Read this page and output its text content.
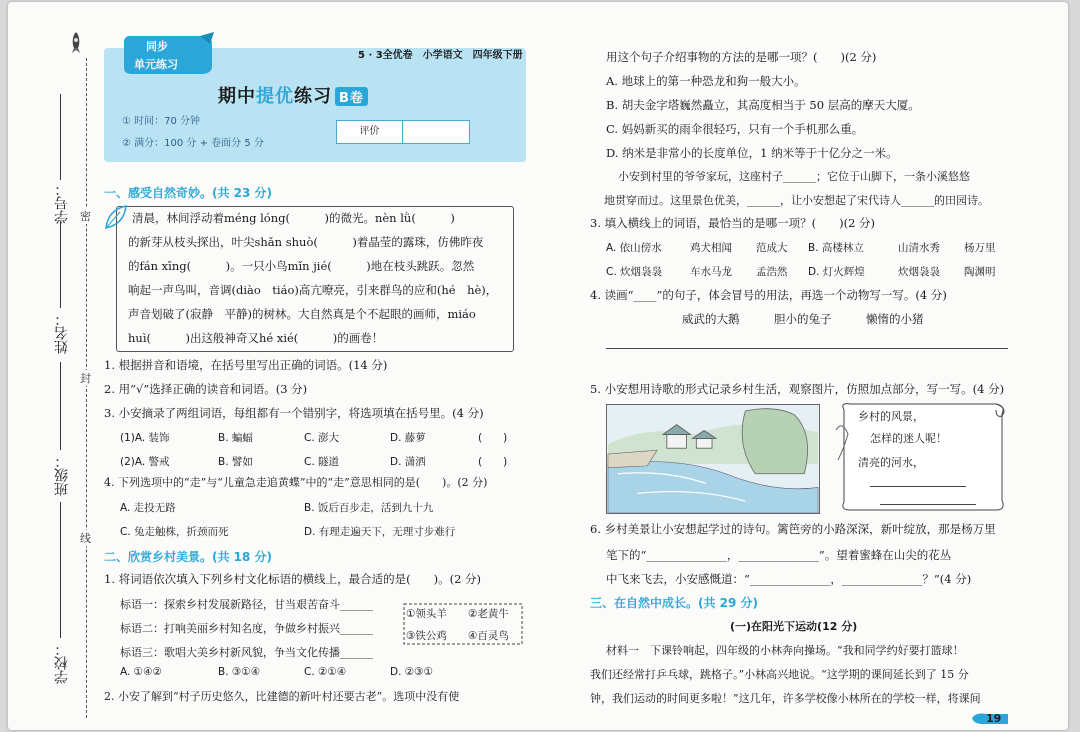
学号：
姓名：
班级：
学校：
密
封
线
同步
单元练习
5 · 3全优卷　小学语文　四年级下册
期中提优练习 B卷
① 时间：70 分钟
② 满分：100 分 + 卷面分 5 分
评价
一、感受自然奇妙。(共 23 分)
清晨，林间浮动着méng lóng(　　　)的微光。nèn lǜ(　　　)
的新芽从枝头探出，叶尖shǎn shuò(　　　)着晶莹的露珠，仿佛昨夜
的fán xīng(　　　)。一只小鸟mǐn jié(　　　)地在枝头跳跃。忽然
响起一声鸟叫，音调(diào　tiáo)高亢嘹亮，引来群鸟的应和(hé　hè)，
声音划破了(寂静　平静)的树林。大自然真是个不起眼的画师，miáo
huì(　　　)出这般神奇又hé xié(　　　)的画卷！
1. 根据拼音和语境，在括号里写出正确的词语。(14 分)
2. 用“√”选择正确的读音和词语。(3 分)
3. 小安摘录了两组词语，每组都有一个错别字，将选项填在括号里。(4 分)
(1)A. 装饰	B. 蝙蝠	C. 澎大	D. 藤萝	(　　)
(2)A. 警戒	B. 譬如	C. 隧道	D. 潇洒	(　　)
4. 下列选项中的“走”与“儿童急走追黄蝶”中的“走”意思相同的是(　　)。(2 分)
A. 走投无路	B. 饭后百步走，活到九十九
C. 兔走触株，折颈而死	D. 有理走遍天下，无理寸步难行
二、欣赏乡村美景。(共 18 分)
1. 将词语依次填入下列乡村文化标语的横线上，最合适的是(　　)。(2 分)
标语一：探索乡村发展新路径，甘当艰苦奋斗______
标语二：打响美丽乡村知名度，争做乡村振兴______
标语三：歌唱大美乡村新风貌，争当文化传播______
①领头羊 ②老黄牛
③铁公鸡 ④百灵鸟
A. ①④②	B. ③①④	C. ②①④	D. ②③①
2. 小安了解到“村子历史悠久，比建德的新叶村还要古老”。选项中没有使
用这个句子介绍事物的方法的是哪一项？(　　)(2 分)
A. 地球上的第一种恐龙和狗一般大小。
B. 胡夫金字塔巍然矗立，其高度相当于 50 层高的摩天大厦。
C. 妈妈新买的雨伞很轻巧，只有一个手机那么重。
D. 纳米是非常小的长度单位，1 纳米等于十亿分之一米。
小安到村里的爷爷家玩，这座村子______；它位于山脚下，一条小溪悠悠
地贯穿而过。这里景色优美，______，让小安想起了宋代诗人______的田园诗。
3. 填入横线上的词语，最恰当的是哪一项？(　　)(2 分)
A. 依山傍水	鸡犬相闻 范成大 B. 高楼林立	山清水秀 杨万里
C. 炊烟袅袅	车水马龙 孟浩然 D. 灯火辉煌	炊烟袅袅 陶渊明
4. 读画“____”的句子，体会冒号的用法，再选一个动物写一写。(4 分)
威武的大鹅	胆小的兔子	懒惰的小猪
5. 小安想用诗歌的形式记录乡村生活，观察图片，仿照加点部分，写一写。(4 分)
乡村的风景，
怎样的迷人呢！
清亮的河水，
6. 乡村美景让小安想起学过的诗句。篱笆旁的小路深深，新叶绽放，那是杨万里
笔下的“______________，______________”。望着蜜蜂在山尖的花丛
中飞来飞去，小安感慨道：“______________，______________？”(4 分)
三、在自然中成长。(共 29 分)
(一)在阳光下运动(12 分)
材料一　下课铃响起，四年级的小林奔向操场。“我和同学约好要打篮球！
我们还经常打乒乓球，跳格子。”小林高兴地说。“这学期的课间延长到了 15 分
钟，我们运动的时间更多啦！”这几年，许多学校像小林所在的学校一样，将课间
19
